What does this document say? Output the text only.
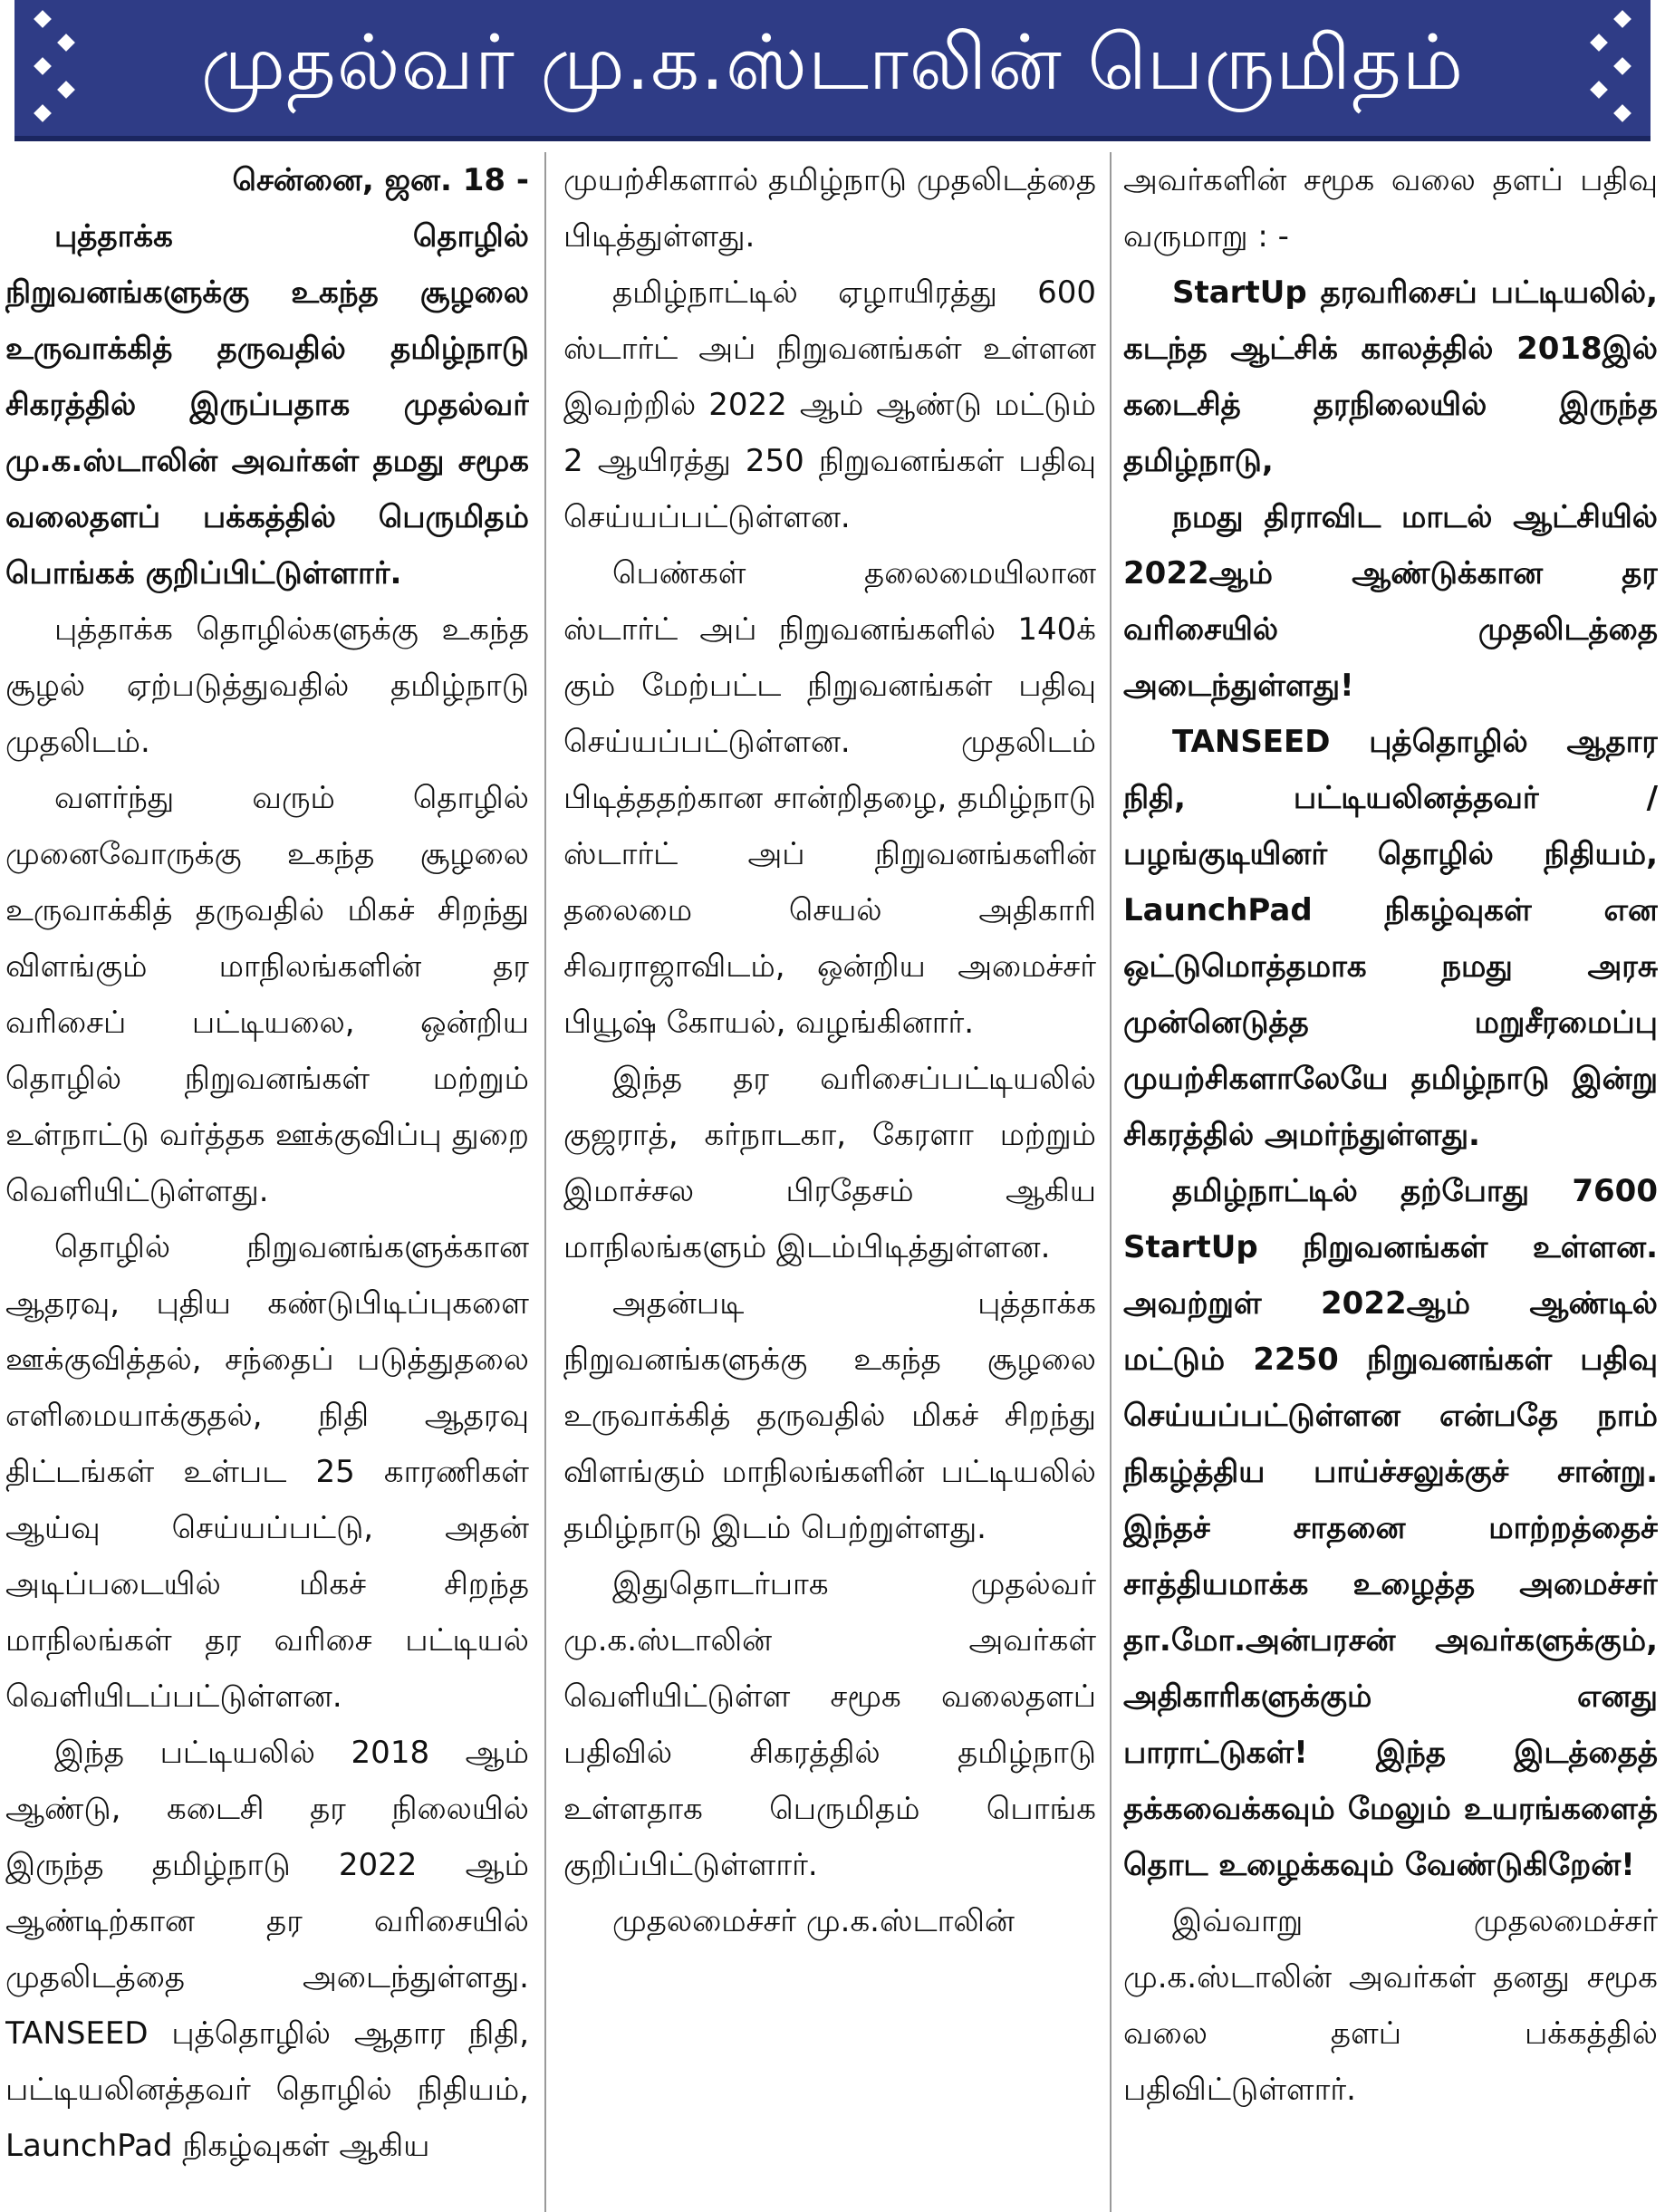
முதல்வர் மு.க.ஸ்டாலின் பெருமிதம்

சென்னை, ஜன. 18 -

புத்தாக்க தொழில் நிறுவனங்களுக்கு உகந்த சூழலை உருவாக்கித் தருவதில் தமிழ்நாடு சிகரத்தில் இருப்பதாக முதல்வர் மு.க.ஸ்டாலின் அவர்கள் தமது சமூக வலைதளப் பக்கத்தில் பெருமிதம் பொங்கக் குறிப்பிட்டுள்ளார்.

புத்தாக்க தொழில்களுக்கு உகந்த சூழல் ஏற்படுத்துவதில் தமிழ்நாடு முதலிடம்.

வளர்ந்து வரும் தொழில் முனைவோருக்கு உகந்த சூழலை உருவாக்கித் தருவதில் மிகச் சிறந்து விளங்கும் மாநிலங்களின் தர வரிசைப் பட்டியலை, ஒன்றிய தொழில் நிறுவனங்கள் மற்றும் உள்நாட்டு வர்த்தக ஊக்குவிப்பு துறை வெளியிட்டுள்ளது.

தொழில் நிறுவனங்களுக்கான ஆதரவு, புதிய கண்டுபிடிப்புகளை ஊக்குவித்தல், சந்தைப் படுத்துதலை எளிமையாக்குதல், நிதி ஆதரவு திட்டங்கள் உள்பட 25 காரணிகள் ஆய்வு செய்யப்பட்டு, அதன் அடிப்படையில் மிகச் சிறந்த மாநிலங்கள் தர வரிசை பட்டியல் வெளியிடப்பட்டுள்ளன.

இந்த பட்டியலில் 2018 ஆம் ஆண்டு, கடைசி தர நிலையில் இருந்த தமிழ்நாடு 2022 ஆம் ஆண்டிற்கான தர வரிசையில் முதலிடத்தை அடைந்துள்ளது. TANSEED புத்தொழில் ஆதார நிதி, பட்டியலினத்தவர் தொழில் நிதியம், LaunchPad நிகழ்வுகள் ஆகிய

முயற்சிகளால் தமிழ்நாடு முதலிடத்தை பிடித்துள்ளது.

தமிழ்நாட்டில் ஏழாயிரத்து 600 ஸ்டார்ட் அப் நிறுவனங்கள் உள்ளன இவற்றில் 2022 ஆம் ஆண்டு மட்டும் 2 ஆயிரத்து 250 நிறுவனங்கள் பதிவு செய்யப்பட்டுள்ளன.

பெண்கள் தலைமையிலான ஸ்டார்ட் அப் நிறுவனங்களில் 140க் கும் மேற்பட்ட நிறுவனங்கள் பதிவு செய்யப்பட்டுள்ளன. முதலிடம் பிடித்ததற்கான சான்றிதழை, தமிழ்நாடு ஸ்டார்ட் அப் நிறுவனங்களின் தலைமை செயல் அதிகாரி சிவராஜாவிடம், ஒன்றிய அமைச்சர் பியூஷ் கோயல், வழங்கினார்.

இந்த தர வரிசைப்பட்டியலில் குஜராத், கர்நாடகா, கேரளா மற்றும் இமாச்சல பிரதேசம் ஆகிய மாநிலங்களும் இடம்பிடித்துள்ளன.

அதன்படி புத்தாக்க நிறுவனங்களுக்கு உகந்த சூழலை உருவாக்கித் தருவதில் மிகச் சிறந்து விளங்கும் மாநிலங்களின் பட்டியலில் தமிழ்நாடு இடம் பெற்றுள்ளது.

இதுதொடர்பாக முதல்வர் மு.க.ஸ்டாலின் அவர்கள் வெளியிட்டுள்ள சமூக வலைதளப் பதிவில் சிகரத்தில் தமிழ்நாடு உள்ளதாக பெருமிதம் பொங்க குறிப்பிட்டுள்ளார்.

முதலமைச்சர் மு.க.ஸ்டாலின்

அவர்களின் சமூக வலை தளப் பதிவு வருமாறு : -

StartUp தரவரிசைப் பட்டியலில், கடந்த ஆட்சிக் காலத்தில் 2018இல் கடைசித் தரநிலையில் இருந்த தமிழ்நாடு,

நமது திராவிட மாடல் ஆட்சியில் 2022ஆம் ஆண்டுக்கான தர வரிசையில் முதலிடத்தை அடைந்துள்ளது!

TANSEED புத்தொழில் ஆதார நிதி, பட்டியலினத்தவர் / பழங்குடியினர் தொழில் நிதியம், LaunchPad நிகழ்வுகள் என ஒட்டுமொத்தமாக நமது அரசு முன்னெடுத்த மறுசீரமைப்பு முயற்சிகளாலேயே தமிழ்நாடு இன்று சிகரத்தில் அமர்ந்துள்ளது.

தமிழ்நாட்டில் தற்போது 7600 StartUp நிறுவனங்கள் உள்ளன. அவற்றுள் 2022ஆம் ஆண்டில் மட்டும் 2250 நிறுவனங்கள் பதிவு செய்யப்பட்டுள்ளன என்பதே நாம் நிகழ்த்திய பாய்ச்சலுக்குச் சான்று. இந்தச் சாதனை மாற்றத்தைச் சாத்தியமாக்க உழைத்த அமைச்சர் தா.மோ.அன்பரசன் அவர்களுக்கும், அதிகாரிகளுக்கும் எனது பாராட்டுகள்! இந்த இடத்தைத் தக்கவைக்கவும் மேலும் உயரங்களைத் தொட உழைக்கவும் வேண்டுகிறேன்!

இவ்வாறு முதலமைச்சர் மு.க.ஸ்டாலின் அவர்கள் தனது சமூக வலை தளப் பக்கத்தில் பதிவிட்டுள்ளார்.
